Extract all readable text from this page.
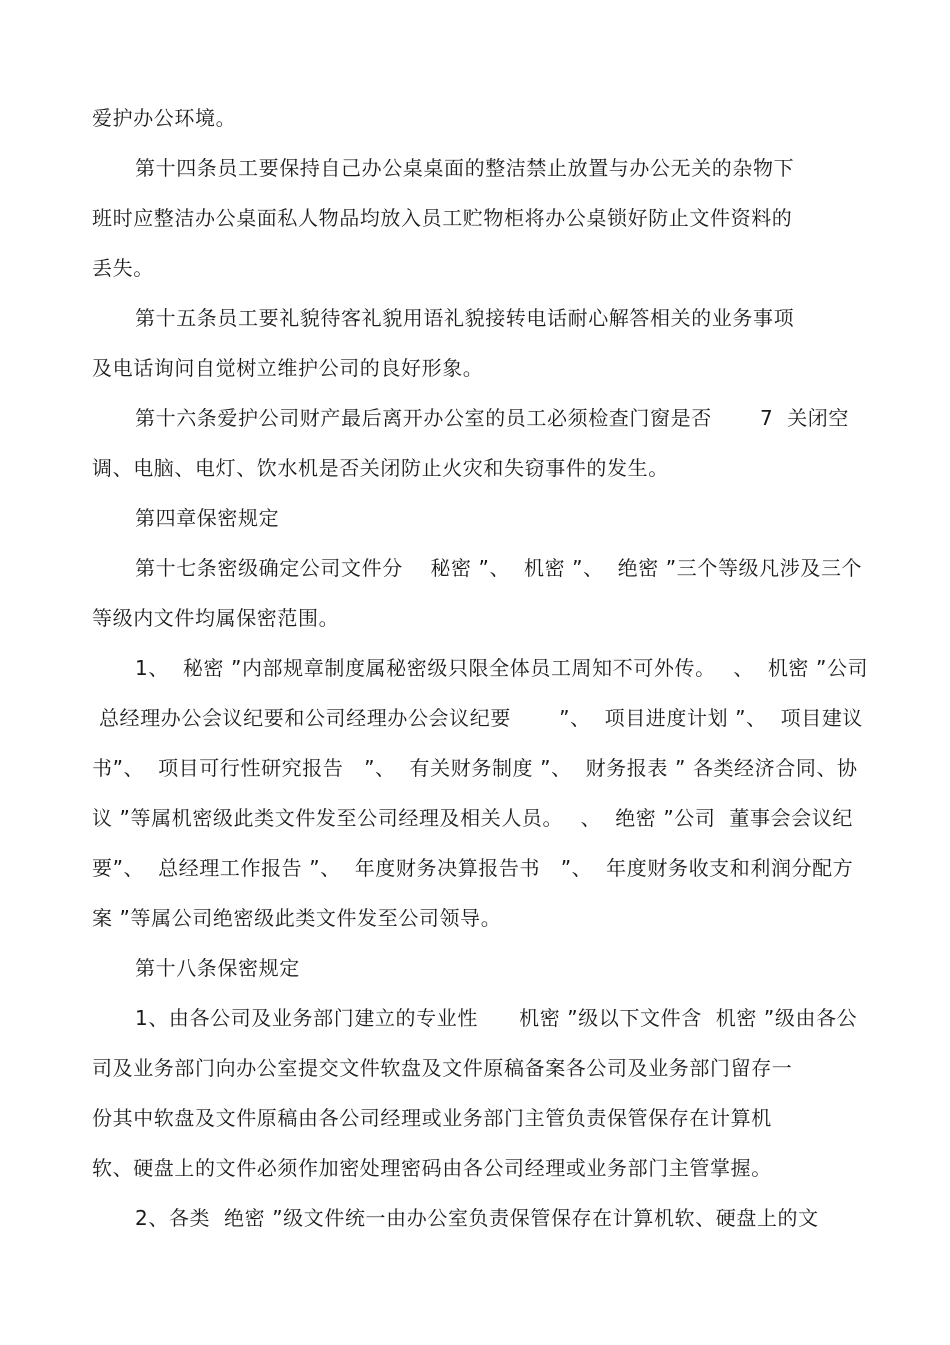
爱护办公环境。
第十四条员工要保持自己办公桌桌面的整洁禁止放置与办公无关的杂物下
班时应整洁办公桌面私人物品均放入员工贮物柜将办公桌锁好防止文件资料的
丢失。
第十五条员工要礼貌待客礼貌用语礼貌接转电话耐心解答相关的业务事项
及电话询问自觉树立维护公司的良好形象。
第十六条爱护公司财产最后离开办公室的员工必须检查门窗是否　　 7  关闭空
调、电脑、电灯、饮水机是否关闭防止火灾和失窃事件的发生。
第四章保密规定
第十七条密级确定公司文件分　 秘密 ”、  机密 ”、  绝密 ”三个等级凡涉及三个
等级内文件均属保密范围。
1、  秘密 ”内部规章制度属秘密级只限全体员工周知不可外传。　 、  机密 ”公司
总经理办公会议纪要和公司经理办公会议纪要　　 ”、  项目进度计划 ”、  项目建议
书”、  项目可行性研究报告　”、  有关财务制度 ”、  财务报表 ” 各类经济合同、协
议 ”等属机密级此类文件发至公司经理及相关人员。　 、  绝密 ”公司  董事会会议纪
要”、  总经理工作报告 ”、  年度财务决算报告书　”、  年度财务收支和利润分配方
案 ”等属公司绝密级此类文件发至公司领导。
第十八条保密规定
1、由各公司及业务部门建立的专业性　　机密 ”级以下文件含  机密 ”级由各公
司及业务部门向办公室提交文件软盘及文件原稿备案各公司及业务部门留存一
份其中软盘及文件原稿由各公司经理或业务部门主管负责保管保存在计算机
软、硬盘上的文件必须作加密处理密码由各公司经理或业务部门主管掌握。
2、各类  绝密 ”级文件统一由办公室负责保管保存在计算机软、硬盘上的文
